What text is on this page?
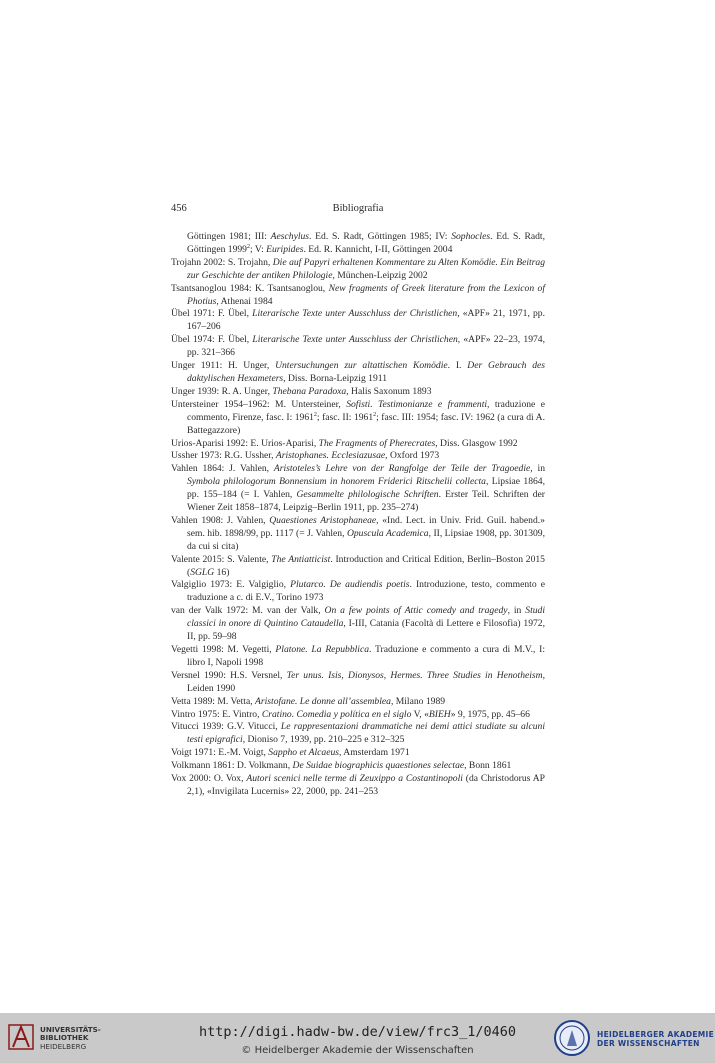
456	Bibliografia
Göttingen 1981; III: Aeschylus. Ed. S. Radt, Göttingen 1985; IV: Sophocles. Ed. S. Radt, Göttingen 1999$^2$; V: Euripides. Ed. R. Kannicht, I-II, Göttingen 2004
Trojahn 2002: S. Trojahn, Die auf Papyri erhaltenen Kommentare zu Alten Komödie. Ein Beitrag zur Geschichte der antiken Philologie, München-Leipzig 2002
Tsantsanoglou 1984: K. Tsantsanoglou, New fragments of Greek literature from the Lexicon of Photius, Athenai 1984
Übel 1971: F. Übel, Literarische Texte unter Ausschluss der Christlichen, «APF» 21, 1971, pp. 167–206
Übel 1974: F. Übel, Literarische Texte unter Ausschluss der Christlichen, «APF» 22–23, 1974, pp. 321–366
Unger 1911: H. Unger, Untersuchungen zur altattischen Komödie. I. Der Gebrauch des daktylischen Hexameters, Diss. Borna-Leipzig 1911
Unger 1939: R. A. Unger, Thebana Paradoxa, Halis Saxonum 1893
Untersteiner 1954–1962: M. Untersteiner, Sofisti. Testimonianze e frammenti, traduzione e commento, Firenze, fasc. I: 1961$^2$; fasc. II: 1961$^2$; fasc. III: 1954; fasc. IV: 1962 (a cura di A. Battegazzore)
Urios-Aparisi 1992: E. Urios-Aparisi, The Fragments of Pherecrates, Diss. Glasgow 1992
Ussher 1973: R.G. Ussher, Aristophanes. Ecclesiazusae, Oxford 1973
Vahlen 1864: J. Vahlen, Aristoteles’s Lehre von der Rangfolge der Teile der Tragoedie, in Symbola philologorum Bonnensium in honorem Friderici Ritschelii collecta, Lipsiae 1864, pp. 155–184 (= I. Vahlen, Gesammelte philologische Schriften. Erster Teil. Schriften der Wiener Zeit 1858–1874, Leipzig–Berlin 1911, pp. 235–274)
Vahlen 1908: J. Vahlen, Quaestiones Aristophaneae, «Ind. Lect. in Univ. Frid. Guil. habend.» sem. hib. 1898/99, pp. 1117 (= J. Vahlen, Opuscula Academica, II, Lipsiae 1908, pp. 301309, da cui si cita)
Valente 2015: S. Valente, The Antiatticist. Introduction and Critical Edition, Berlin–Boston 2015 (SGLG 16)
Valgiglio 1973: E. Valgiglio, Plutarco. De audiendis poetis. Introduzione, testo, commento e traduzione a c. di E.V., Torino 1973
van der Valk 1972: M. van der Valk, On a few points of Attic comedy and tragedy, in Studi classici in onore di Quintino Cataudella, I-III, Catania (Facoltà di Lettere e Filosofia) 1972, II, pp. 59–98
Vegetti 1998: M. Vegetti, Platone. La Repubblica. Traduzione e commento a cura di M.V., I: libro I, Napoli 1998
Versnel 1990: H.S. Versnel, Ter unus. Isis, Dionysos, Hermes. Three Studies in Henotheism, Leiden 1990
Vetta 1989: M. Vetta, Aristofane. Le donne all’assemblea, Milano 1989
Vintro 1975: E. Vintro, Cratino. Comedia y política en el siglo V, «BIEH» 9, 1975, pp. 45–66
Vitucci 1939: G.V. Vitucci, Le rappresentazioni drammatiche nei demi attici studiate su alcuni testi epigrafici, Dioniso 7, 1939, pp. 210–225 e 312–325
Voigt 1971: E.-M. Voigt, Sappho et Alcaeus, Amsterdam 1971
Volkmann 1861: D. Volkmann, De Suidae biographicis quaestiones selectae, Bonn 1861
Vox 2000: O. Vox, Autori scenici nelle terme di Zeuxippo a Costantinopoli (da Christodorus AP 2,1), «Invigilata Lucernis» 22, 2000, pp. 241–253
UNIVERSITÄTS-
BIBLIOTHEK
HEIDELBERG
http://digi.hadw-bw.de/view/frc3_1/0460
© Heidelberger Akademie der Wissenschaften
HEIDELBERGER AKADEMIE
DER WISSENSCHAFTEN
